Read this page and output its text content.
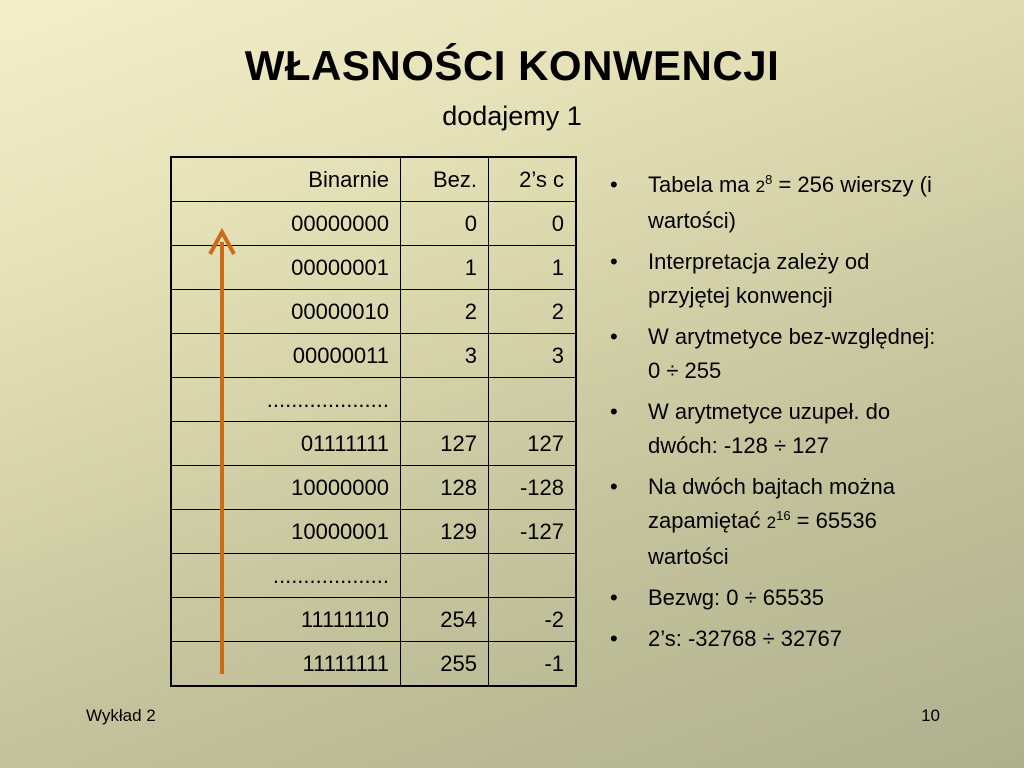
WŁASNOŚCI KONWENCJI
dodajemy 1
Binarnie	Bez.	2’s c
00000000	0	0
00000001	1	1
00000010	2	2
00000011	3	3
....................		
01111111	127	127
10000000	128	-128
10000001	129	-127
...................		
11111110	254	-2
11111111	255	-1
• Tabela ma $2^8 = 256$ wierszy (i wartości)
• Interpretacja zależy od przyjętej konwencji
• W arytmetyce bez-względnej: 0 ÷ 255
• W arytmetyce uzupeł. do dwóch: -128 ÷ 127
• Na dwóch bajtach można zapamiętać $2^{16} = 65536$ wartości
• Bezwg: 0 ÷ 65535
• 2’s: -32768 ÷ 32767
Wykład 2	10
